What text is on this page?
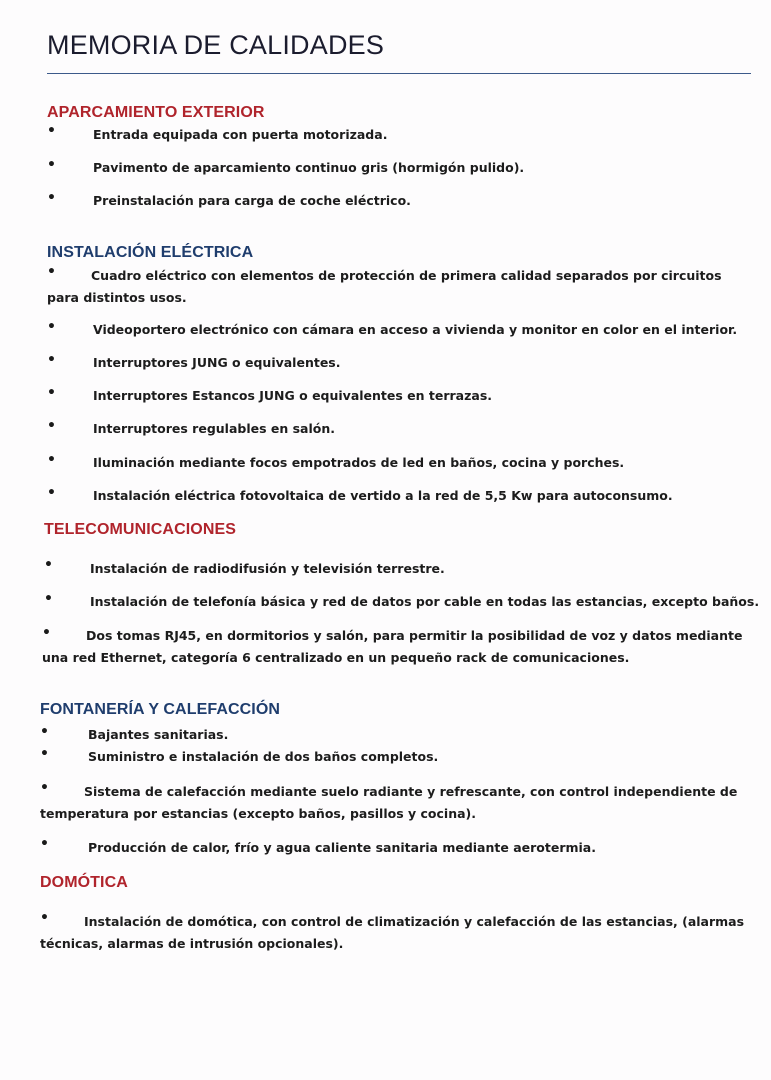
MEMORIA DE CALIDADES
APARCAMIENTO EXTERIOR
•	Entrada equipada con puerta motorizada.
•	Pavimento de aparcamiento continuo gris (hormigón pulido).
•	Preinstalación para carga de coche eléctrico.
INSTALACIÓN ELÉCTRICA
•	Cuadro eléctrico con elementos de protección de primera calidad separados por circuitos para distintos usos.
•	Videoportero electrónico con cámara en acceso a vivienda y monitor en color en el interior.
•	Interruptores JUNG o equivalentes.
•	Interruptores Estancos JUNG o equivalentes en terrazas.
•	Interruptores regulables en salón.
•	Iluminación mediante focos empotrados de led en baños, cocina y porches.
•	Instalación eléctrica fotovoltaica de vertido a la red de 5,5 Kw para autoconsumo.
TELECOMUNICACIONES
•	Instalación de radiodifusión y televisión terrestre.
•	Instalación de telefonía básica y red de datos por cable en todas las estancias, excepto baños.
•	Dos tomas RJ45, en dormitorios y salón, para permitir la posibilidad de voz y datos mediante una red Ethernet, categoría 6 centralizado en un pequeño rack de comunicaciones.
FONTANERÍA Y CALEFACCIÓN
•	Bajantes sanitarias.
•	Suministro e instalación de dos baños completos.
•	Sistema de calefacción mediante suelo radiante y refrescante, con control independiente de temperatura por estancias (excepto baños, pasillos y cocina).
•	Producción de calor, frío y agua caliente sanitaria mediante aerotermia.
DOMÓTICA
•	Instalación de domótica, con control de climatización y calefacción de las estancias, (alarmas técnicas, alarmas de intrusión opcionales).
